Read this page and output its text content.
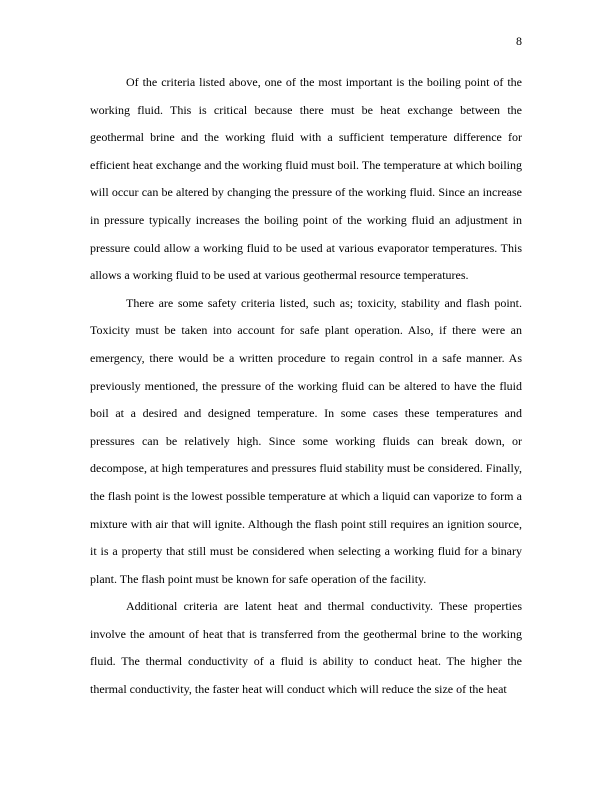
8

Of the criteria listed above, one of the most important is the boiling point of the working fluid. This is critical because there must be heat exchange between the geothermal brine and the working fluid with a sufficient temperature difference for efficient heat exchange and the working fluid must boil. The temperature at which boiling will occur can be altered by changing the pressure of the working fluid. Since an increase in pressure typically increases the boiling point of the working fluid an adjustment in pressure could allow a working fluid to be used at various evaporator temperatures. This allows a working fluid to be used at various geothermal resource temperatures.

There are some safety criteria listed, such as; toxicity, stability and flash point. Toxicity must be taken into account for safe plant operation. Also, if there were an emergency, there would be a written procedure to regain control in a safe manner. As previously mentioned, the pressure of the working fluid can be altered to have the fluid boil at a desired and designed temperature. In some cases these temperatures and pressures can be relatively high. Since some working fluids can break down, or decompose, at high temperatures and pressures fluid stability must be considered. Finally, the flash point is the lowest possible temperature at which a liquid can vaporize to form a mixture with air that will ignite. Although the flash point still requires an ignition source, it is a property that still must be considered when selecting a working fluid for a binary plant. The flash point must be known for safe operation of the facility.

Additional criteria are latent heat and thermal conductivity. These properties involve the amount of heat that is transferred from the geothermal brine to the working fluid. The thermal conductivity of a fluid is ability to conduct heat. The higher the thermal conductivity, the faster heat will conduct which will reduce the size of the heat
